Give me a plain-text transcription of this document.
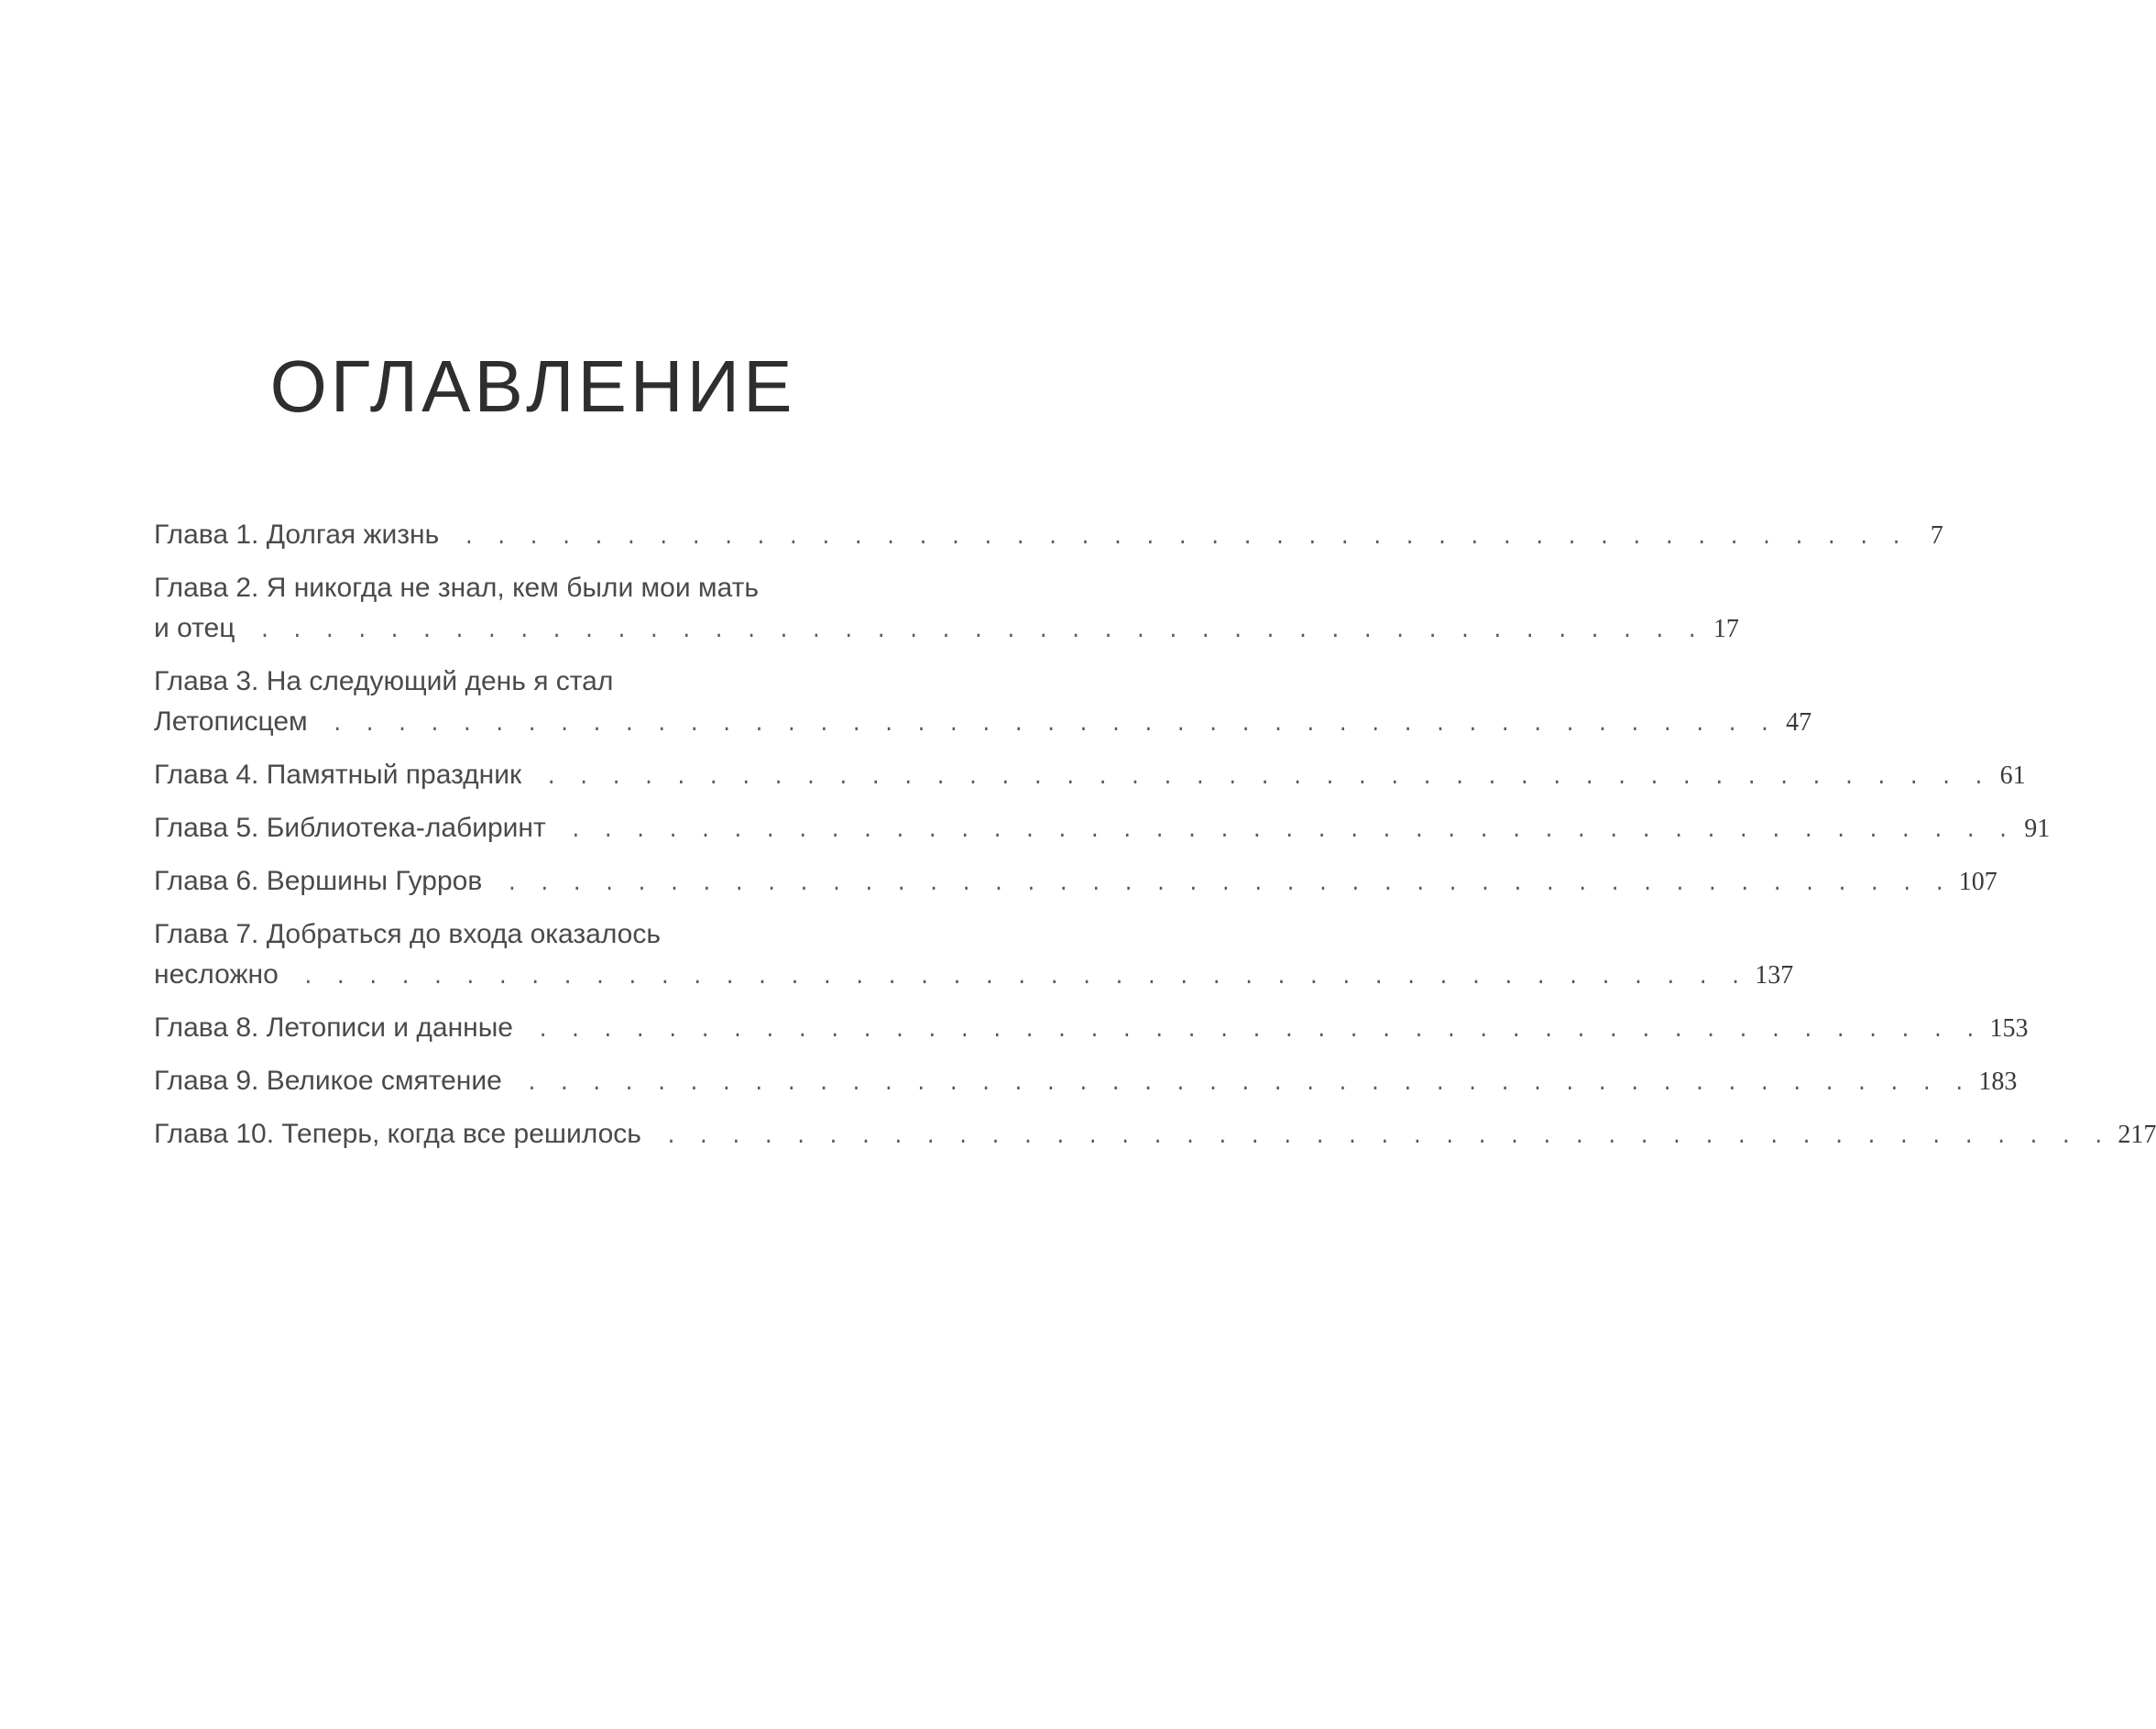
ОГЛАВЛЕНИЕ
Глава 1. Долгая жизнь . . . . . . . . . . . . . . . . . . . . . . . . . . . . . . . . . . . . . . . . . . . . . 7
Глава 2. Я никогда не знал, кем были мои мать
и отец . . . . . . . . . . . . . . . . . . . . . . . . . . . . . . . . . . . . . . . . . . . . . 17
Глава 3. На следующий день я стал
Летописцем . . . . . . . . . . . . . . . . . . . . . . . . . . . . . . . . . . . . . . . . . . . . . 47
Глава 4. Памятный праздник . . . . . . . . . . . . . . . . . . . . . . . . . . . . . . . . . . . . . . . . . . . . . 61
Глава 5. Библиотека-лабиринт . . . . . . . . . . . . . . . . . . . . . . . . . . . . . . . . . . . . . . . . . . . . . 91
Глава 6. Вершины Гурров . . . . . . . . . . . . . . . . . . . . . . . . . . . . . . . . . . . . . . . . . . . . . 107
Глава 7. Добраться до входа оказалось
несложно . . . . . . . . . . . . . . . . . . . . . . . . . . . . . . . . . . . . . . . . . . . . . 137
Глава 8. Летописи и данные . . . . . . . . . . . . . . . . . . . . . . . . . . . . . . . . . . . . . . . . . . . . . 153
Глава 9. Великое смятение . . . . . . . . . . . . . . . . . . . . . . . . . . . . . . . . . . . . . . . . . . . . . 183
Глава 10. Теперь, когда все решилось . . . . . . . . . . . . . . . . . . . . . . . . . . . . . . . . . . . . . . . . . . . . . 217
